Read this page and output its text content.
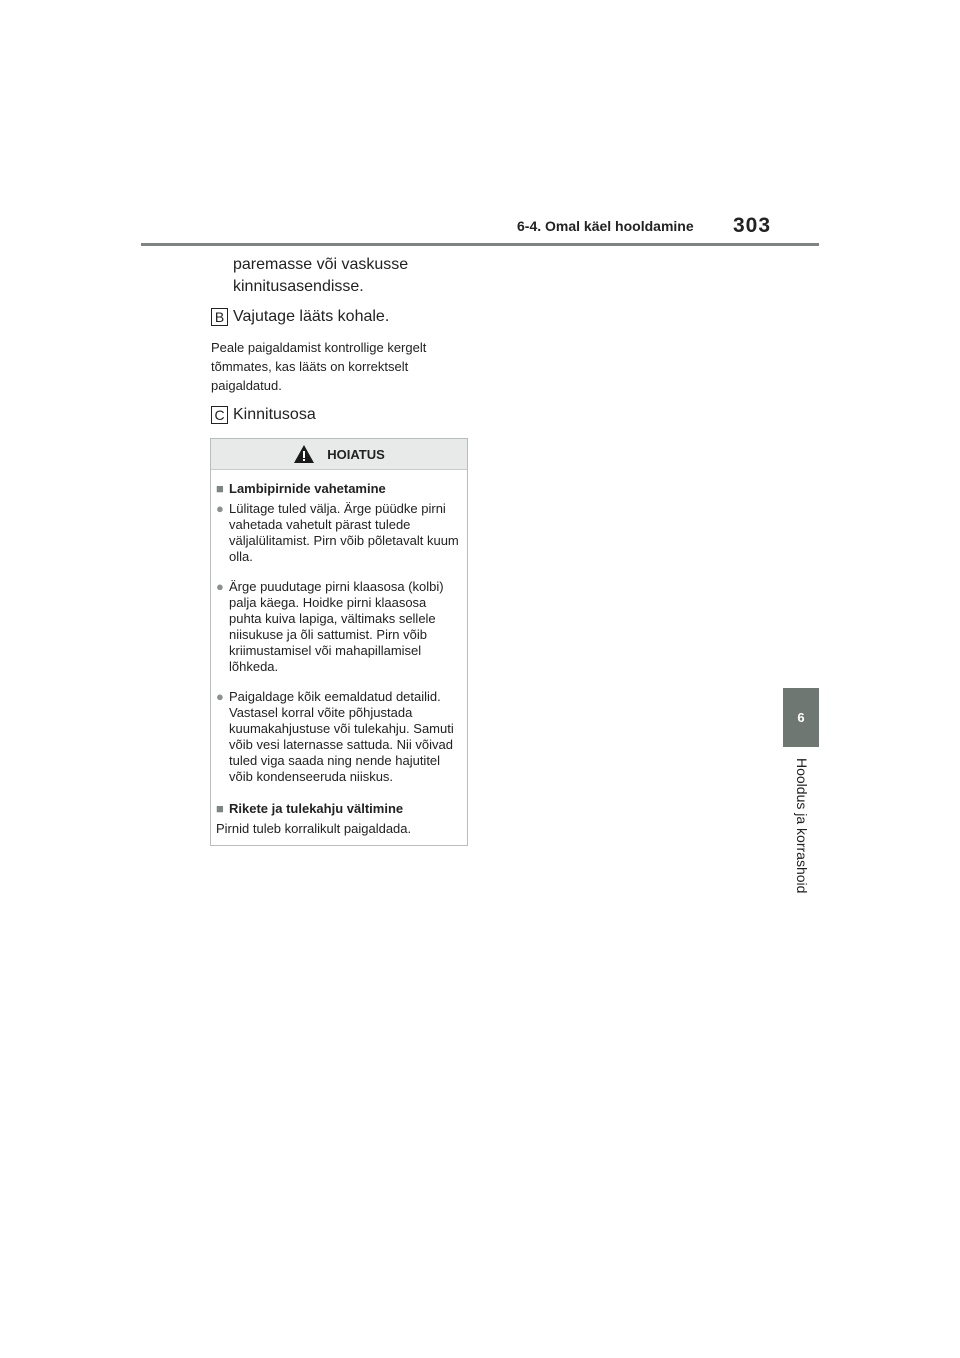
6-4. Omal käel hooldamine 303
6
Hooldus ja korrashoid
paremasse või vaskusse
kinnitusasendisse.
B Vajutage lääts kohale.
Peale paigaldamist kontrollige kergelt tõmmates, kas lääts on korrektselt paigaldatud.
C Kinnitusosa
HOIATUS
■ Lambipirnide vahetamine
● Lülitage tuled välja. Ärge püüdke pirni vahetada vahetult pärast tulede väljalülitamist. Pirn võib põletavalt kuum olla.
● Ärge puudutage pirni klaasosa (kolbi) palja käega. Hoidke pirni klaasosa puhta kuiva lapiga, vältimaks sellele niisukuse ja õli sattumist. Pirn võib kriimustamisel või mahapillamisel lõhkeda.
● Paigaldage kõik eemaldatud detailid. Vastasel korral võite põhjustada kuumakahjustuse või tulekahju. Samuti võib vesi laternasse sattuda. Nii võivad tuled viga saada ning nende hajutitel võib kondenseeruda niiskus.
■ Rikete ja tulekahju vältimine
Pirnid tuleb korralikult paigaldada.
